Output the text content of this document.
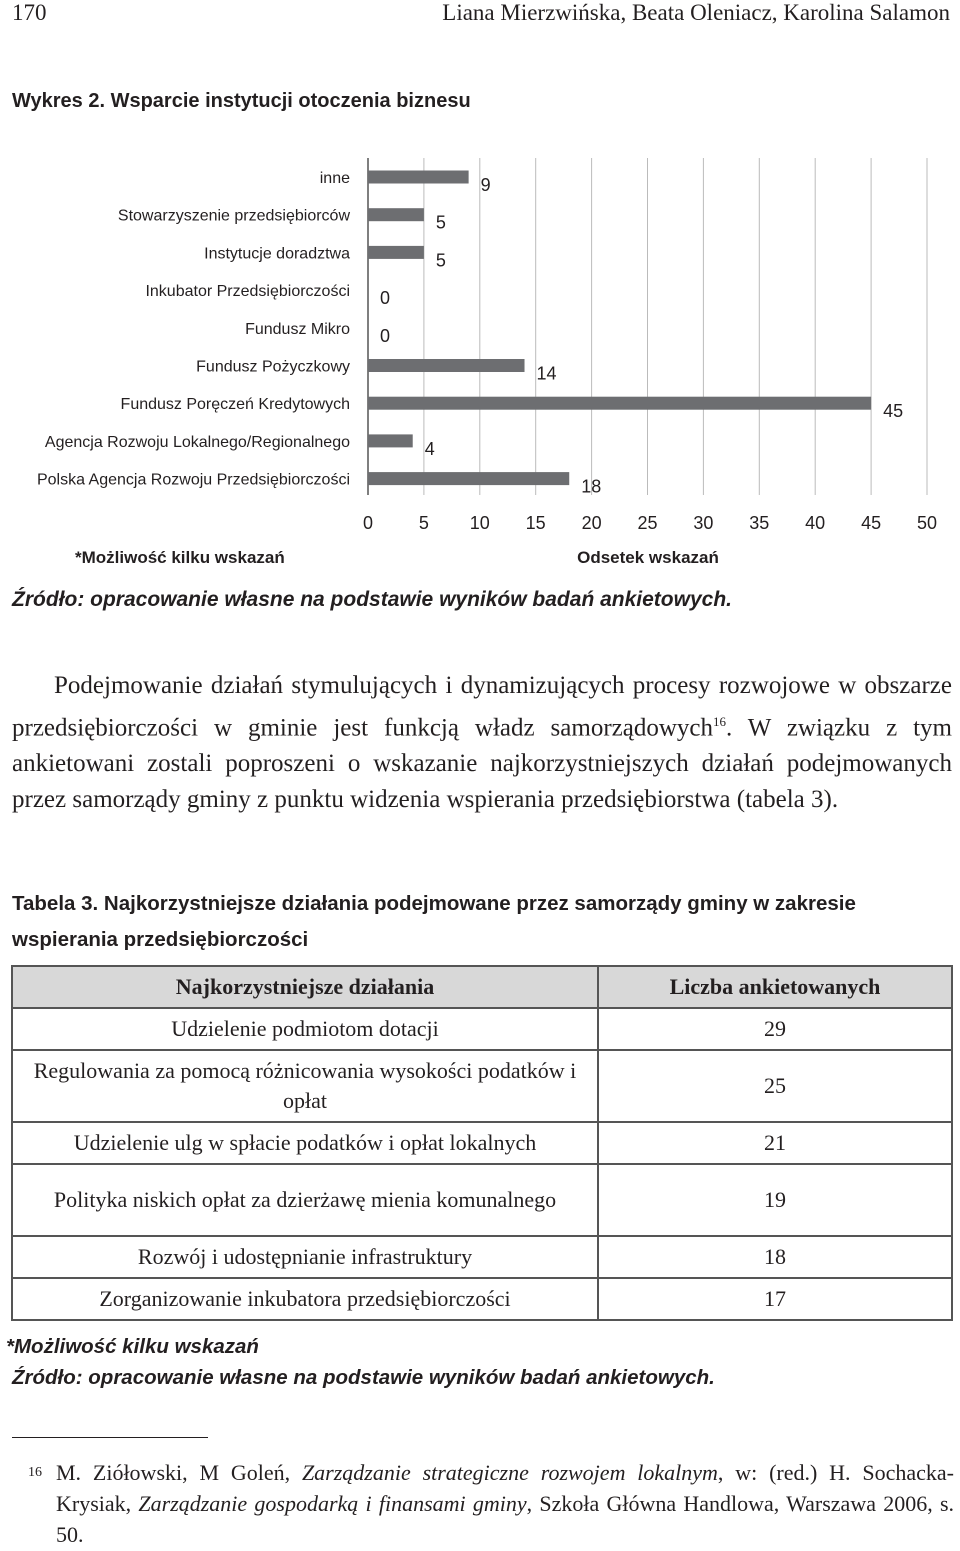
170	Liana Mierzwińska, Beata Oleniacz, Karolina Salamon
Wykres 2. Wsparcie instytucji otoczenia biznesu
0	5 10 15 20 25 30 35 40 45 50
inne	9
Stowarzyszenie przedsiębiorców	5
Instytucje doradztwa	5
Inkubator Przedsiębiorczości 0
Fundusz Mikro 0
Fundusz Pożyczkowy	14
Fundusz Poręczeń Kredytowych	45
Agencja Rozwoju Lokalnego/Regionalnego	4
Polska Agencja Rozwoju Przedsiębiorczości	18
*Możliwość kilku wskazań	Odsetek wskazań
Źródło: opracowanie własne na podstawie wyników badań ankietowych.

Podejmowanie działań stymulujących i dynamizujących procesy rozwojowe w obszarze przedsiębiorczości w gminie jest funkcją władz samorządowych$^{16}$. W związku z tym ankietowani zostali poproszeni o wskazanie najkorzystniejszych działań podejmowanych przez samorządy gminy z punktu widzenia wspierania przedsiębiorstwa (tabela 3).

Tabela 3. Najkorzystniejsze działania podejmowane przez samorządy gminy w zakresie wspierania przedsiębiorczości
Najkorzystniejsze działania	Liczba ankietowanych
Udzielenie podmiotom dotacji	29
Regulowania za pomocą różnicowania wysokości podatków i opłat	25
Udzielenie ulg w spłacie podatków i opłat lokalnych	21
Polityka niskich opłat za dzierżawę mienia komunalnego	19
Rozwój i udostępnianie infrastruktury	18
Zorganizowanie inkubatora przedsiębiorczości	17
*Możliwość kilku wskazań
Źródło: opracowanie własne na podstawie wyników badań ankietowych.
16 M. Ziółowski, M Goleń, Zarządzanie strategiczne rozwojem lokalnym, w: (red.) H. Sochacka-Krysiak, Zarządzanie gospodarką i finansami gminy, Szkoła Główna Handlowa, Warszawa 2006, s. 50.
